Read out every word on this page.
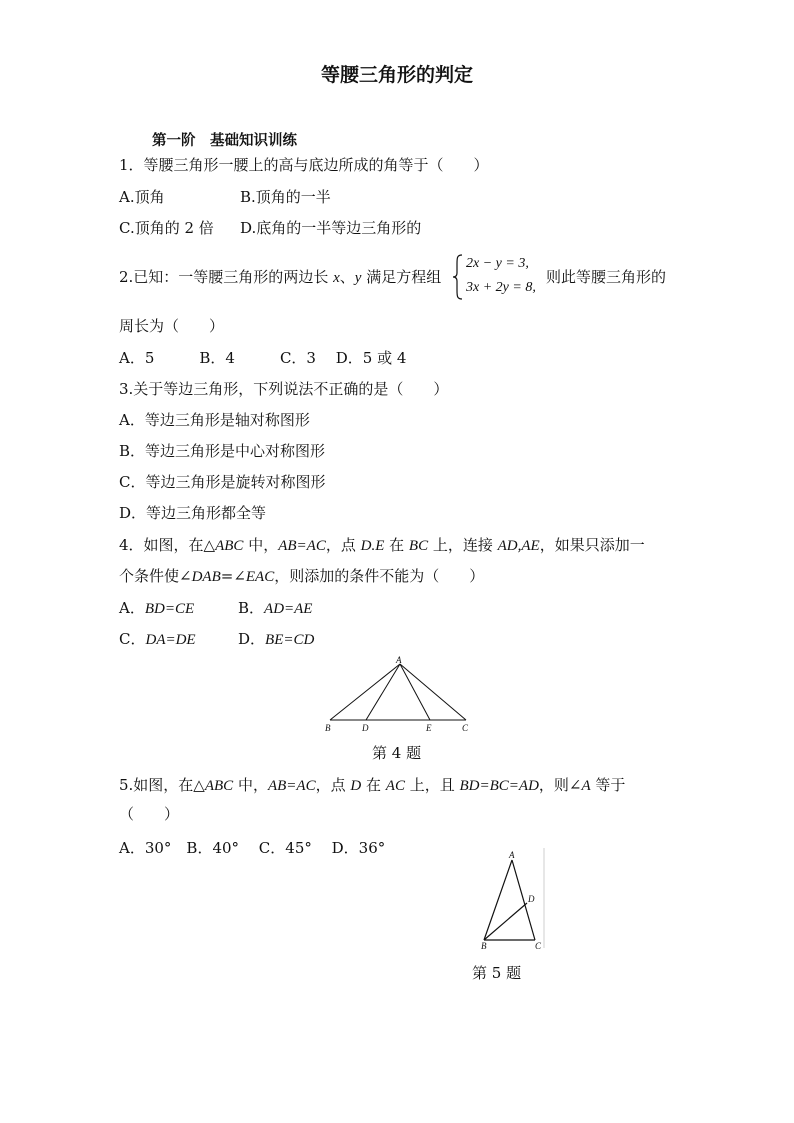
等腰三角形的判定
第一阶　基础知识训练
1．等腰三角形一腰上的高与底边所成的角等于（　　）
A.顶角	B.顶角的一半
C.顶角的 2 倍 D.底角的一半等边三角形的
2.已知：一等腰三角形的两边长 x、y 满足方程组
2x − y = 3,
3x + 2y = 8,
则此等腰三角形的
周长为（　　）
A．5　　　B．4　　　C．3　 D．5 或 4
3.关于等边三角形，下列说法不正确的是（　　）
A．等边三角形是轴对称图形
B．等边三角形是中心对称图形
C．等边三角形是旋转对称图形
D．等边三角形都全等
4．如图，在△ABC 中，AB=AC，点 D.E 在 BC 上，连接 AD,AE，如果只添加一
个条件使∠DAB=∠EAC，则添加的条件不能为（　　）
A．BD=CE	B．AD=AE
C．DA=DE	D．BE=CD
A
B	D	E	C
第 4 题
5.如图，在△ABC 中，AB=AC，点 D 在 AC 上，且 BD=BC=AD，则∠A 等于
（　　）
A．30°　B．40°　 C．45°　 D．36°	A
D
B	C
第 5 题
